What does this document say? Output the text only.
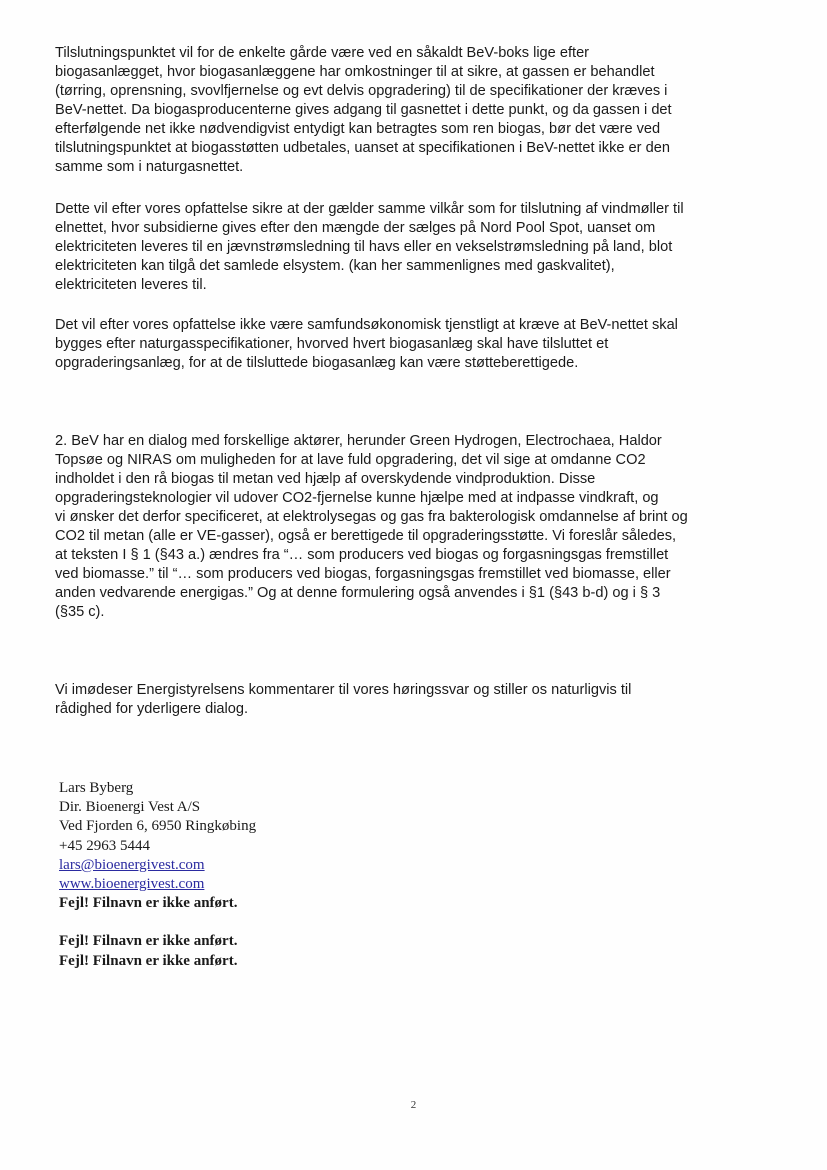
Tilslutningspunktet vil for de enkelte gårde være ved en såkaldt BeV-boks lige efter
biogasanlægget, hvor biogasanlæggene har omkostninger til at sikre, at gassen er behandlet
(tørring, oprensning, svovlfjernelse og evt delvis opgradering) til de specifikationer der kræves i
BeV-nettet. Da biogasproducenterne gives adgang til gasnettet i dette punkt, og da gassen i det
efterfølgende net ikke nødvendigvist entydigt kan betragtes som ren biogas, bør det være ved
tilslutningspunktet at biogasstøtten udbetales, uanset at specifikationen i BeV-nettet ikke er den
samme som i naturgasnettet.

Dette vil efter vores opfattelse sikre at der gælder samme vilkår som for tilslutning af vindmøller til
elnettet, hvor subsidierne gives efter den mængde der sælges på Nord Pool Spot, uanset om
elektriciteten leveres til en jævnstrømsledning til havs eller en vekselstrømsledning på land, blot
elektriciteten kan tilgå det samlede elsystem. (kan her sammenlignes med gaskvalitet),
elektriciteten leveres til.

Det vil efter vores opfattelse ikke være samfundsøkonomisk tjenstligt at kræve at BeV-nettet skal
bygges efter naturgasspecifikationer, hvorved hvert biogasanlæg skal have tilsluttet et
opgraderingsanlæg, for at de tilsluttede biogasanlæg kan være støtteberettigede.

2. BeV har en dialog med forskellige aktører, herunder Green Hydrogen, Electrochaea, Haldor
Topsøe og NIRAS om muligheden for at lave fuld opgradering, det vil sige at omdanne CO2
indholdet i den rå biogas til metan ved hjælp af overskydende vindproduktion. Disse
opgraderingsteknologier vil udover CO2-fjernelse kunne hjælpe med at indpasse vindkraft, og
vi ønsker det derfor specificeret, at elektrolysegas og gas fra bakterologisk omdannelse af brint og
CO2 til metan (alle er VE-gasser), også er berettigede til opgraderingsstøtte. Vi foreslår således,
at teksten I § 1 (§43 a.) ændres fra “… som producers ved biogas og forgasningsgas fremstillet
ved biomasse.” til “… som producers ved biogas, forgasningsgas fremstillet ved biomasse, eller
anden vedvarende energigas.” Og at denne formulering også anvendes i §1 (§43 b-d) og i § 3
(§35 c).

Vi imødeser Energistyrelsens kommentarer til vores høringssvar og stiller os naturligvis til
rådighed for yderligere dialog.

Lars Byberg
Dir. Bioenergi Vest A/S
Ved Fjorden 6, 6950 Ringkøbing
+45 2963 5444
lars@bioenergivest.com
www.bioenergivest.com
Fejl! Filnavn er ikke anført.
Fejl! Filnavn er ikke anført.
Fejl! Filnavn er ikke anført.
2
